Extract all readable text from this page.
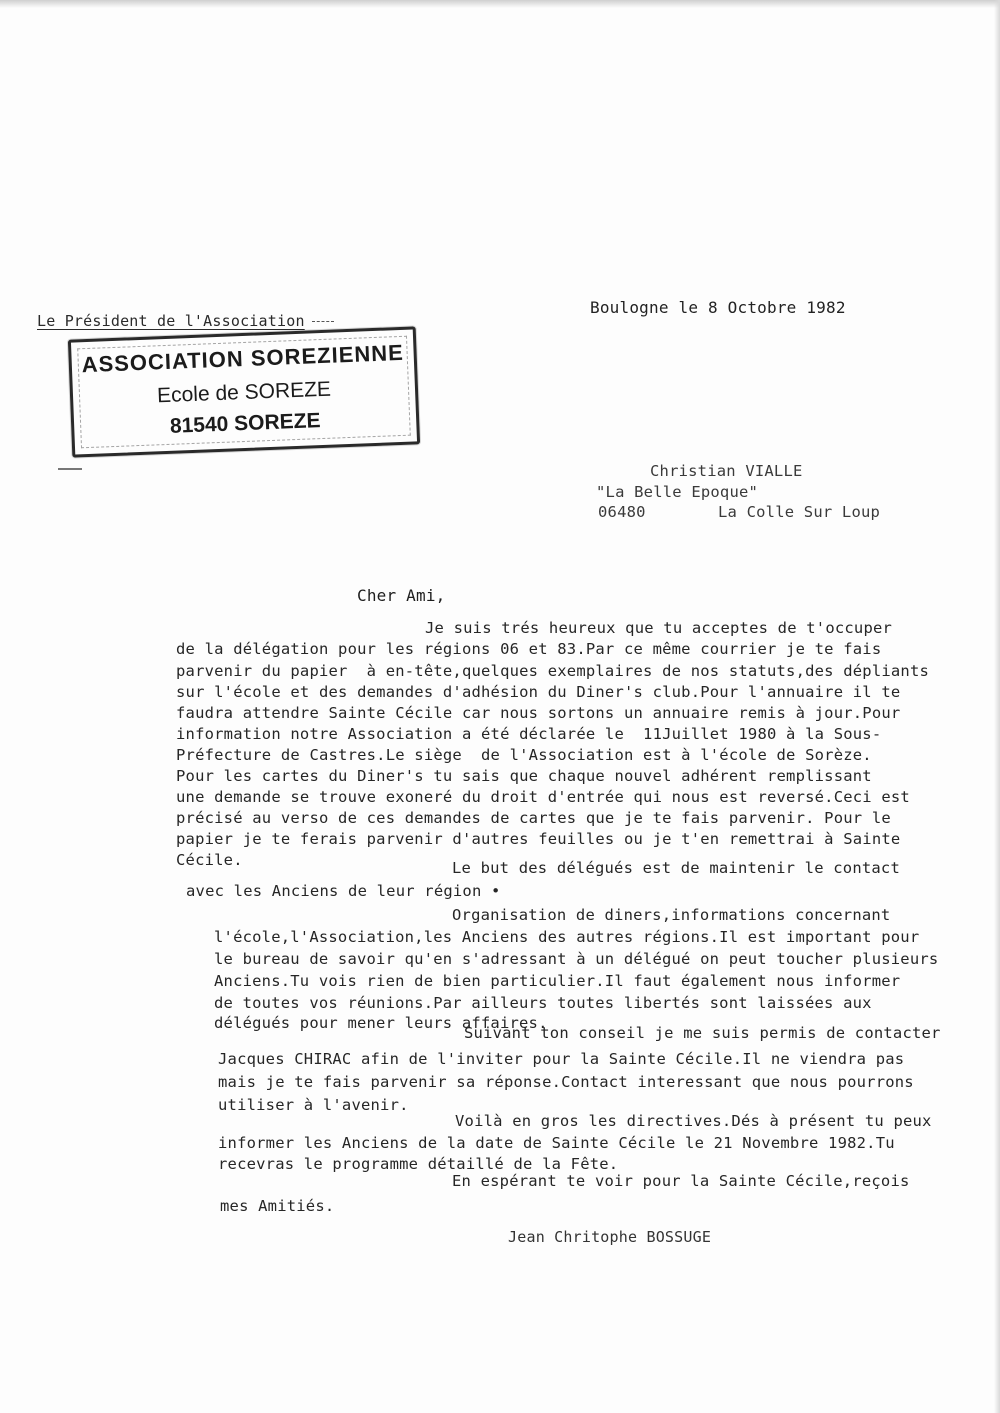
Le Président de l'Association
ASSOCIATION SOREZIENNE
Ecole de SOREZE
81540 SOREZE
Boulogne le 8 Octobre 1982
Christian VIALLE
"La Belle Epoque"
06480	La Colle Sur Loup
Cher Ami,
Je suis trés heureux que tu acceptes de t'occuper
de la délégation pour les régions 06 et 83.Par ce même courrier je te fais
parvenir du papier  à en-tête,quelques exemplaires de nos statuts,des dépliants
sur l'école et des demandes d'adhésion du Diner's club.Pour l'annuaire il te
faudra attendre Sainte Cécile car nous sortons un annuaire remis à jour.Pour
information notre Association a été déclarée le  11Juillet 1980 à la Sous-
Préfecture de Castres.Le siège  de l'Association est à l'école de Sorèze.
Pour les cartes du Diner's tu sais que chaque nouvel adhérent remplissant
une demande se trouve exoneré du droit d'entrée qui nous est reversé.Ceci est
précisé au verso de ces demandes de cartes que je te fais parvenir. Pour le
papier je te ferais parvenir d'autres feuilles ou je t'en remettrai à Sainte
Cécile.	Le but des délégués est de maintenir le contact
avec les Anciens de leur région •
Organisation de diners,informations concernant
l'école,l'Association,les Anciens des autres régions.Il est important pour
le bureau de savoir qu'en s'adressant à un délégué on peut toucher plusieurs
Anciens.Tu vois rien de bien particulier.Il faut également nous informer
de toutes vos réunions.Par ailleurs toutes libertés sont laissées aux
délégués pour mener leurs affaires.
Suivant ton conseil je me suis permis de contacter
Jacques CHIRAC afin de l'inviter pour la Sainte Cécile.Il ne viendra pas
mais je te fais parvenir sa réponse.Contact interessant que nous pourrons
utiliser à l'avenir.
Voilà en gros les directives.Dés à présent tu peux
informer les Anciens de la date de Sainte Cécile le 21 Novembre 1982.Tu
recevras le programme détaillé de la Fête.
En espérant te voir pour la Sainte Cécile,reçois
mes Amitiés.
Jean Chritophe BOSSUGE
